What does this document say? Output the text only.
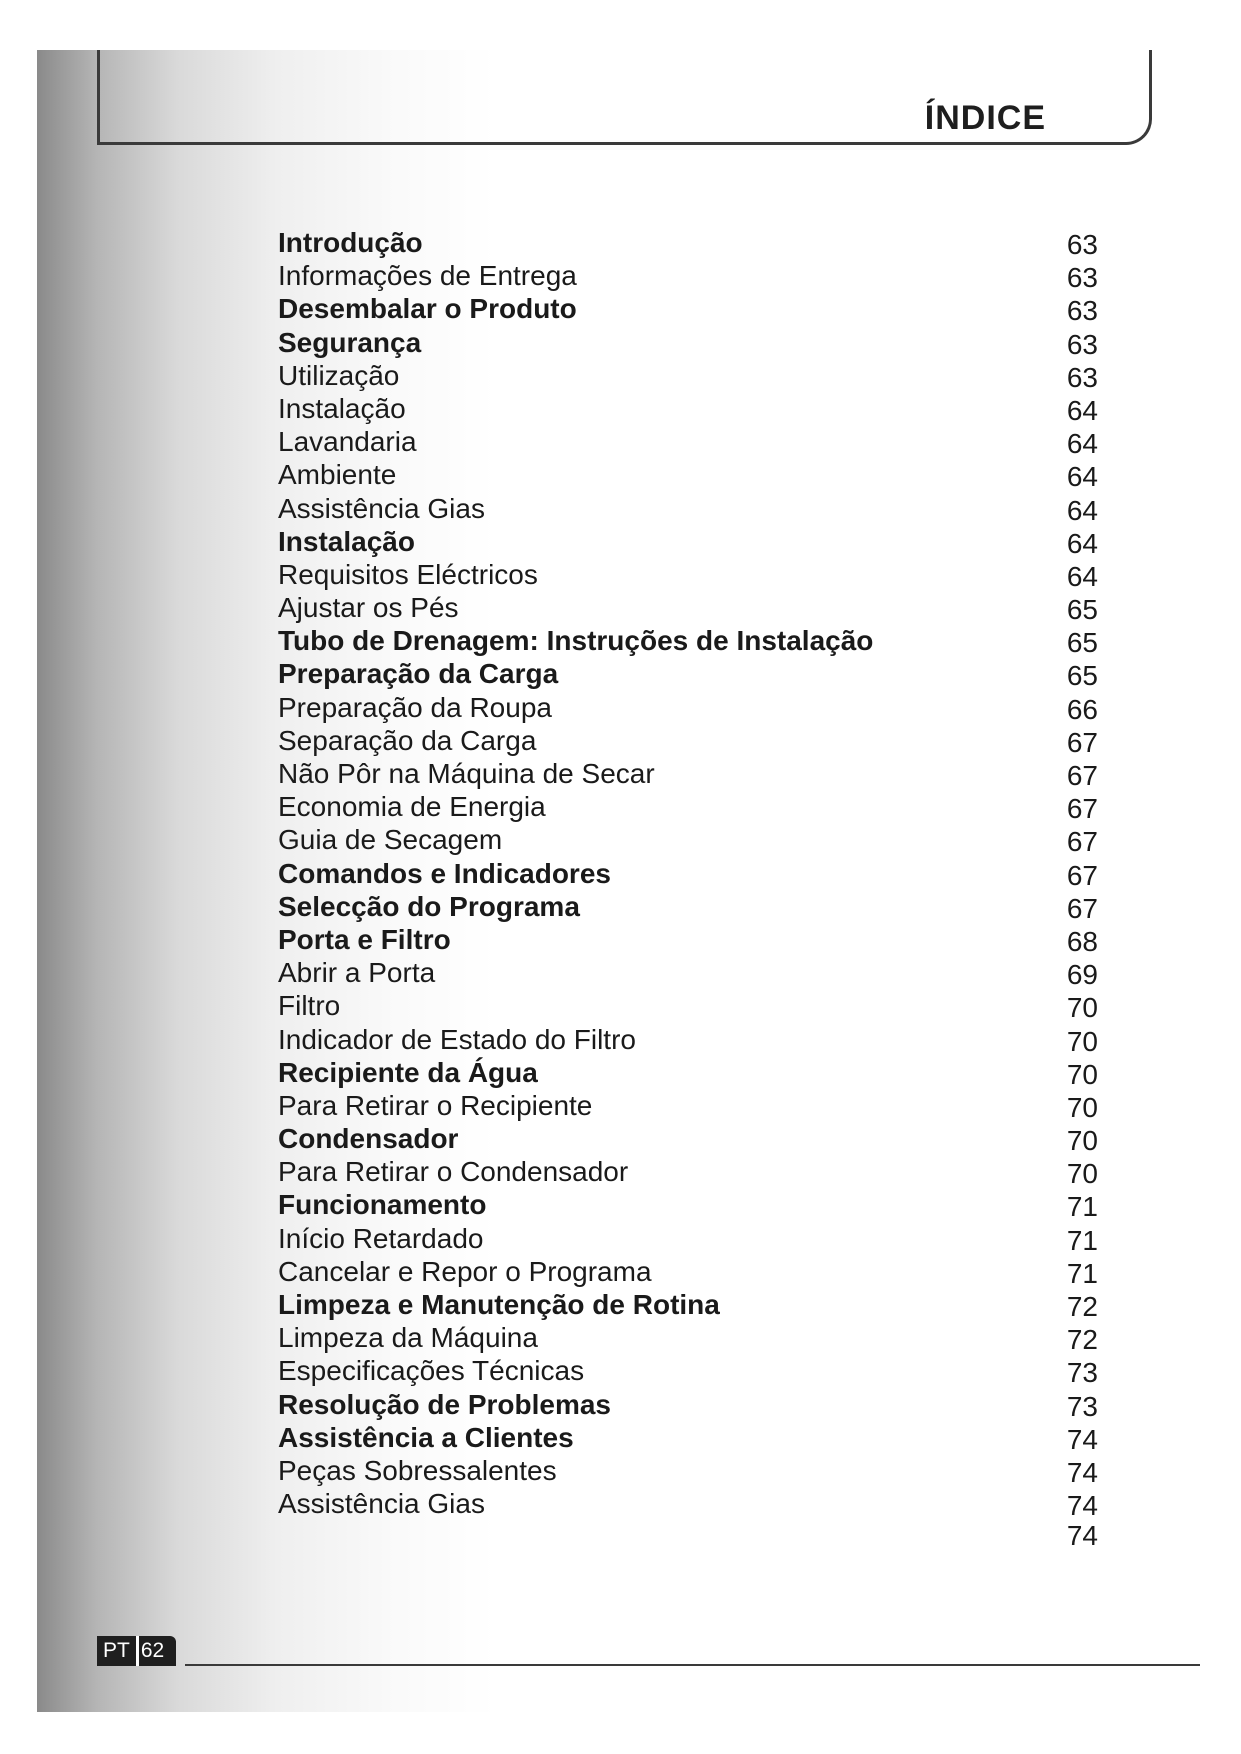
ÍNDICE
Introdução	63
Informações de Entrega	63
Desembalar o Produto	63
Segurança	63
Utilização	63
Instalação	64
Lavandaria	64
Ambiente	64
Assistência Gias	64
Instalação	64
Requisitos Eléctricos	64
Ajustar os Pés	65
Tubo de Drenagem: Instruções de Instalação	65
Preparação da Carga	65
Preparação da Roupa	66
Separação da Carga	67
Não Pôr na Máquina de Secar	67
Economia de Energia	67
Guia de Secagem	67
Comandos e Indicadores	67
Selecção do Programa	67
Porta e Filtro	68
Abrir a Porta	69
Filtro	70
Indicador de Estado do Filtro	70
Recipiente da Água	70
Para Retirar o Recipiente	70
Condensador	70
Para Retirar o Condensador	70
Funcionamento	71
Início Retardado	71
Cancelar e Repor o Programa	71
Limpeza e Manutenção de Rotina	72
Limpeza da Máquina	72
Especificações Técnicas	73
Resolução de Problemas	73
Assistência a Clientes	74
Peças Sobressalentes	74
Assistência Gias	74
74
PT 62
